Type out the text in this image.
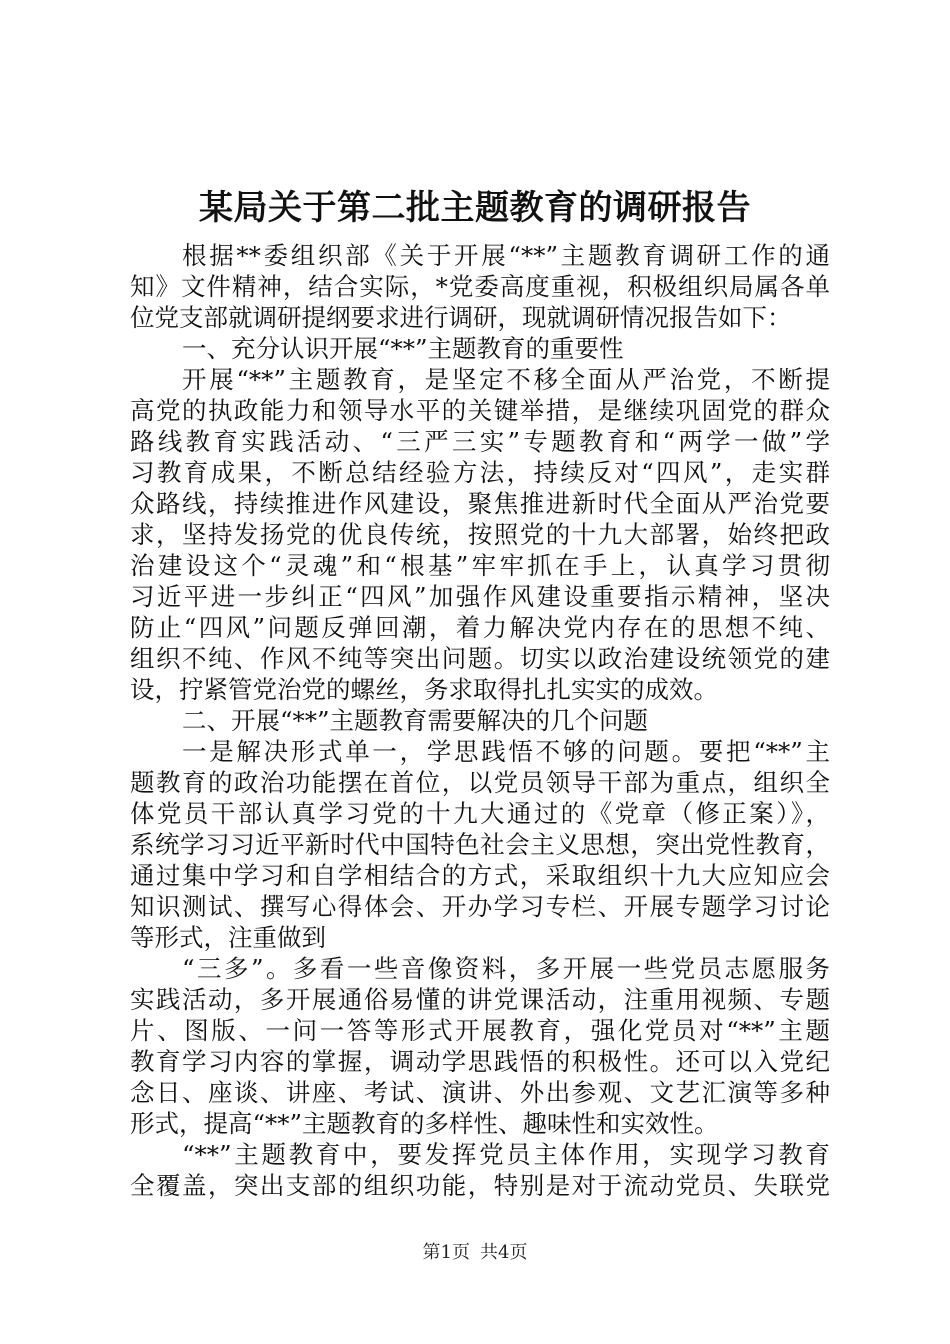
某局关于第二批主题教育的调研报告
根据**委组织部《关于开展“**”主题教育调研工作的通
知》文件精神，结合实际，*党委高度重视，积极组织局属各单
位党支部就调研提纲要求进行调研，现就调研情况报告如下：
一、充分认识开展“**”主题教育的重要性
开展“**”主题教育，是坚定不移全面从严治党，不断提
高党的执政能力和领导水平的关键举措，是继续巩固党的群众
路线教育实践活动、“三严三实”专题教育和“两学一做”学
习教育成果，不断总结经验方法，持续反对“四风”，走实群
众路线，持续推进作风建设，聚焦推进新时代全面从严治党要
求，坚持发扬党的优良传统，按照党的十九大部署，始终把政
治建设这个“灵魂”和“根基”牢牢抓在手上，认真学习贯彻
习近平进一步纠正“四风”加强作风建设重要指示精神，坚决
防止“四风”问题反弹回潮，着力解决党内存在的思想不纯、
组织不纯、作风不纯等突出问题。切实以政治建设统领党的建
设，拧紧管党治党的螺丝，务求取得扎扎实实的成效。
二、开展“**”主题教育需要解决的几个问题
一是解决形式单一，学思践悟不够的问题。要把“**”主
题教育的政治功能摆在首位，以党员领导干部为重点，组织全
体党员干部认真学习党的十九大通过的《党章（修正案）》，
系统学习习近平新时代中国特色社会主义思想，突出党性教育，
通过集中学习和自学相结合的方式，采取组织十九大应知应会
知识测试、撰写心得体会、开办学习专栏、开展专题学习讨论
等形式，注重做到
“三多”。多看一些音像资料，多开展一些党员志愿服务
实践活动，多开展通俗易懂的讲党课活动，注重用视频、专题
片、图版、一问一答等形式开展教育，强化党员对“**”主题
教育学习内容的掌握，调动学思践悟的积极性。还可以入党纪
念日、座谈、讲座、考试、演讲、外出参观、文艺汇演等多种
形式，提高“**”主题教育的多样性、趣味性和实效性。
“**”主题教育中，要发挥党员主体作用，实现学习教育
全覆盖，突出支部的组织功能，特别是对于流动党员、失联党
第1页 共4页
